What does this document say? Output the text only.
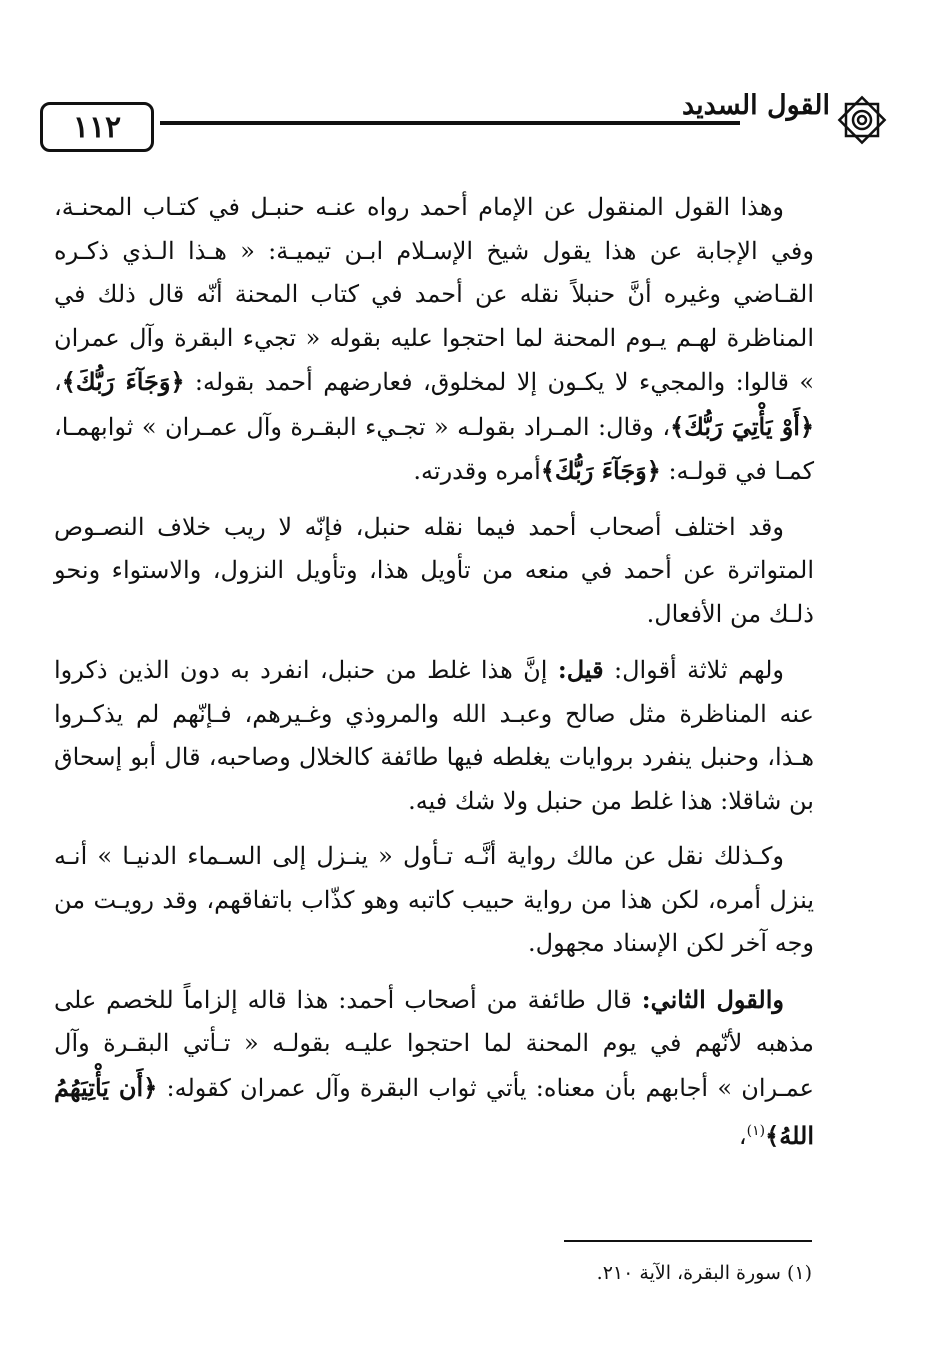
١١٢
القول السديد

وهذا القول المنقول عن الإمام أحمد رواه عنـه حنبـل في كتـاب المحنـة، وفي الإجابة عن هذا يقول شيخ الإسـلام ابـن تيميـة: « هـذا الـذي ذكـره القـاضي وغيره أنَّ حنبلاً نقله عن أحمد في كتاب المحنة أنّه قال ذلك في المناظرة لهـم يـوم المحنة لما احتجوا عليه بقوله « تجيء البقرة وآل عمران » قالوا: والمجيء لا يكـون إلا لمخلوق، فعارضهم أحمد بقوله: ﴿وَجَآءَ رَبُّكَ﴾، ﴿أَوْ يَأْتِيَ رَبُّكَ﴾، وقال: المـراد بقولـه « تجـيء البقـرة وآل عمـران » ثوابهمـا، كمـا في قولـه: ﴿وَجَآءَ رَبُّكَ﴾أمره وقدرته.

وقد اختلف أصحاب أحمد فيما نقله حنبل، فإنّه لا ريب خلاف النصـوص المتواترة عن أحمد في منعه من تأويل هذا، وتأويل النزول، والاستواء ونحو ذلـك من الأفعال.

ولهم ثلاثة أقوال: قيل: إنَّ هذا غلط من حنبل، انفرد به دون الذين ذكروا عنه المناظرة مثل صالح وعبـد الله والمروذي وغـيرهم، فـإنّهم لم يذكـروا هـذا، وحنبل ينفرد بروايات يغلطه فيها طائفة كالخلال وصاحبه، قال أبو إسحاق بن شاقلا: هذا غلط من حنبل ولا شك فيه.

وكـذلك نقل عن مالك رواية أنَّـه تـأول « ينـزل إلى السـماء الدنيـا » أنـه ينزل أمره، لكن هذا من رواية حبيب كاتبه وهو كذّاب باتفاقهم، وقد رويـت من وجه آخر لكن الإسناد مجهول.

والقول الثاني: قال طائفة من أصحاب أحمد: هذا قاله إلزاماً للخصم على مذهبه لأنّهم في يوم المحنة لما احتجوا عليـه بقولـه « تـأتي البقـرة وآل عمـران » أجابهم بأن معناه: يأتي ثواب البقرة وآل عمران كقوله: ﴿أَن يَأْتِيَهُمُ اللهُ﴾$^{(١)}$،

(١) سورة البقرة، الآية ٢١٠.
